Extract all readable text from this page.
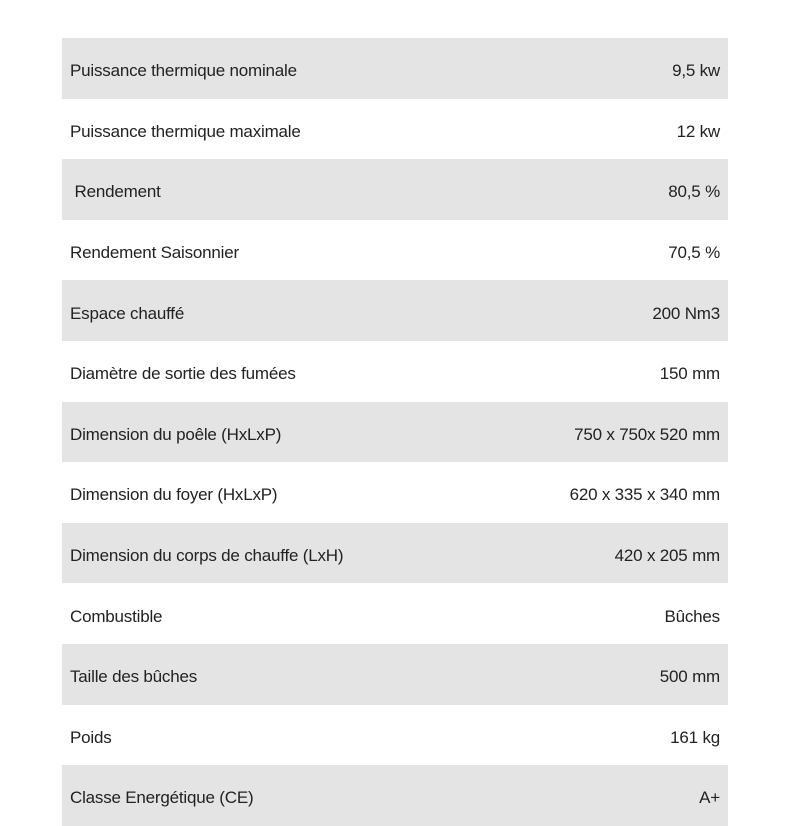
Puissance thermique nominale	9,5 kw
Puissance thermique maximale	12 kw
Rendement	80,5 %
Rendement Saisonnier	70,5 %
Espace chauffé	200 Nm3
Diamètre de sortie des fumées	150 mm
Dimension du poêle (HxLxP)	750 x 750x 520 mm
Dimension du foyer (HxLxP)	620 x 335 x 340 mm
Dimension du corps de chauffe (LxH)	420 x 205 mm
Combustible	Bûches
Taille des bûches	500 mm
Poids	161 kg
Classe Energétique (CE)	A+
